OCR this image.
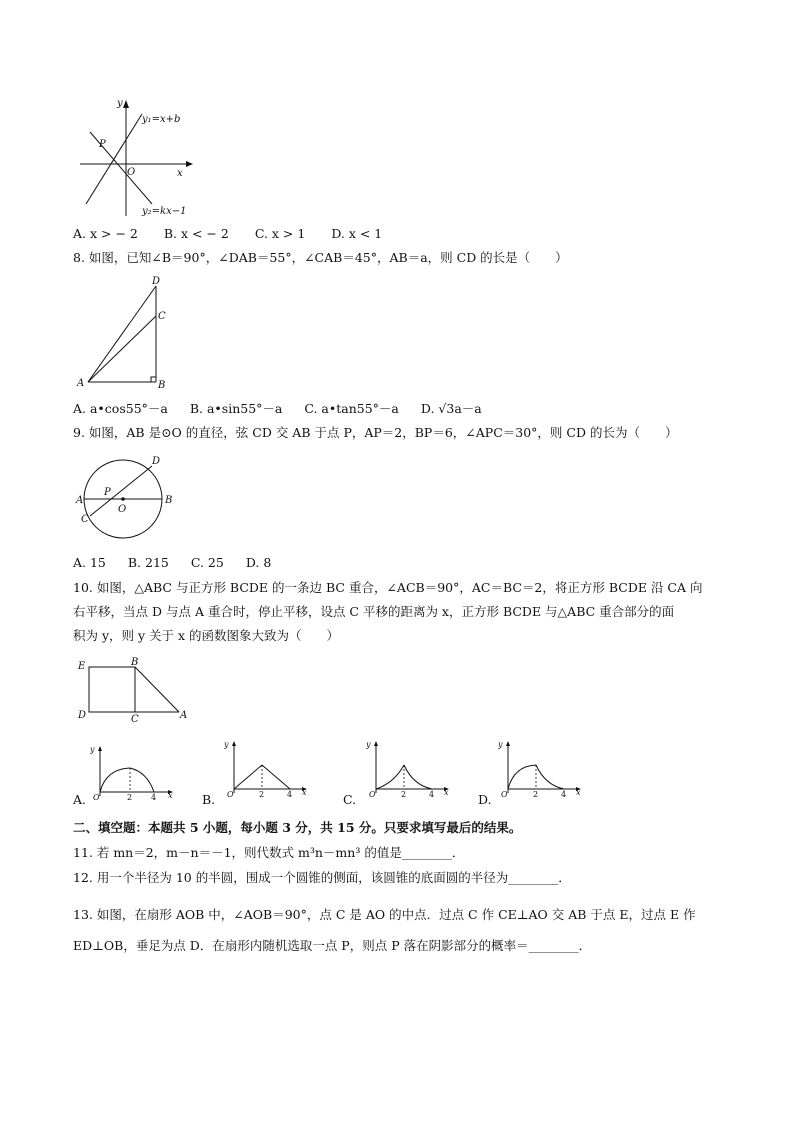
y
x
y₁=x+b
y₂=kx−1
P
O
A. x > − 2 B. x < − 2 C. x > 1 D. x < 1
8. 如图，已知∠B＝90°，∠DAB＝55°，∠CAB＝45°，AB＝a，则 CD 的长是（　　）
D
C
A	B
A. a•cos55°－a B. a•sin55°－a C. a•tan55°－a D. √3a－a
9. 如图，AB 是⊙O 的直径，弦 CD 交 AB 于点 P，AP＝2，BP＝6，∠APC＝30°，则 CD 的长为（　　）
D
A	B
C
P
O
A. 15 B. 215 C. 25 D. 8
10. 如图，△ABC 与正方形 BCDE 的一条边 BC 重合，∠ACB＝90°，AC＝BC＝2，将正方形 BCDE 沿 CA 向
右平移，当点 D 与点 A 重合时，停止平移，设点 C 平移的距离为 x，正方形 BCDE 与△ABC 重合部分的面
积为 y，则 y 关于 x 的函数图象大致为（　　）
E	B
D	C	A
A.
y
O	2 4 x B.
y
O	2	4 x	C.
y
O	2	4 x D.
y
O	2	4 x
二、填空题：本题共 5 小题，每小题 3 分，共 15 分。只要求填写最后的结果。
11. 若 mn＝2，m－n＝－1，则代数式 m³n－mn³ 的值是________．
12. 用一个半径为 10 的半圆，围成一个圆锥的侧面，该圆锥的底面圆的半径为________．
13. 如图，在扇形 AOB 中，∠AOB＝90°，点 C 是 AO 的中点．过点 C 作 CE⊥AO 交 AB 于点 E，过点 E 作
ED⊥OB，垂足为点 D．在扇形内随机选取一点 P，则点 P 落在阴影部分的概率＝________．
